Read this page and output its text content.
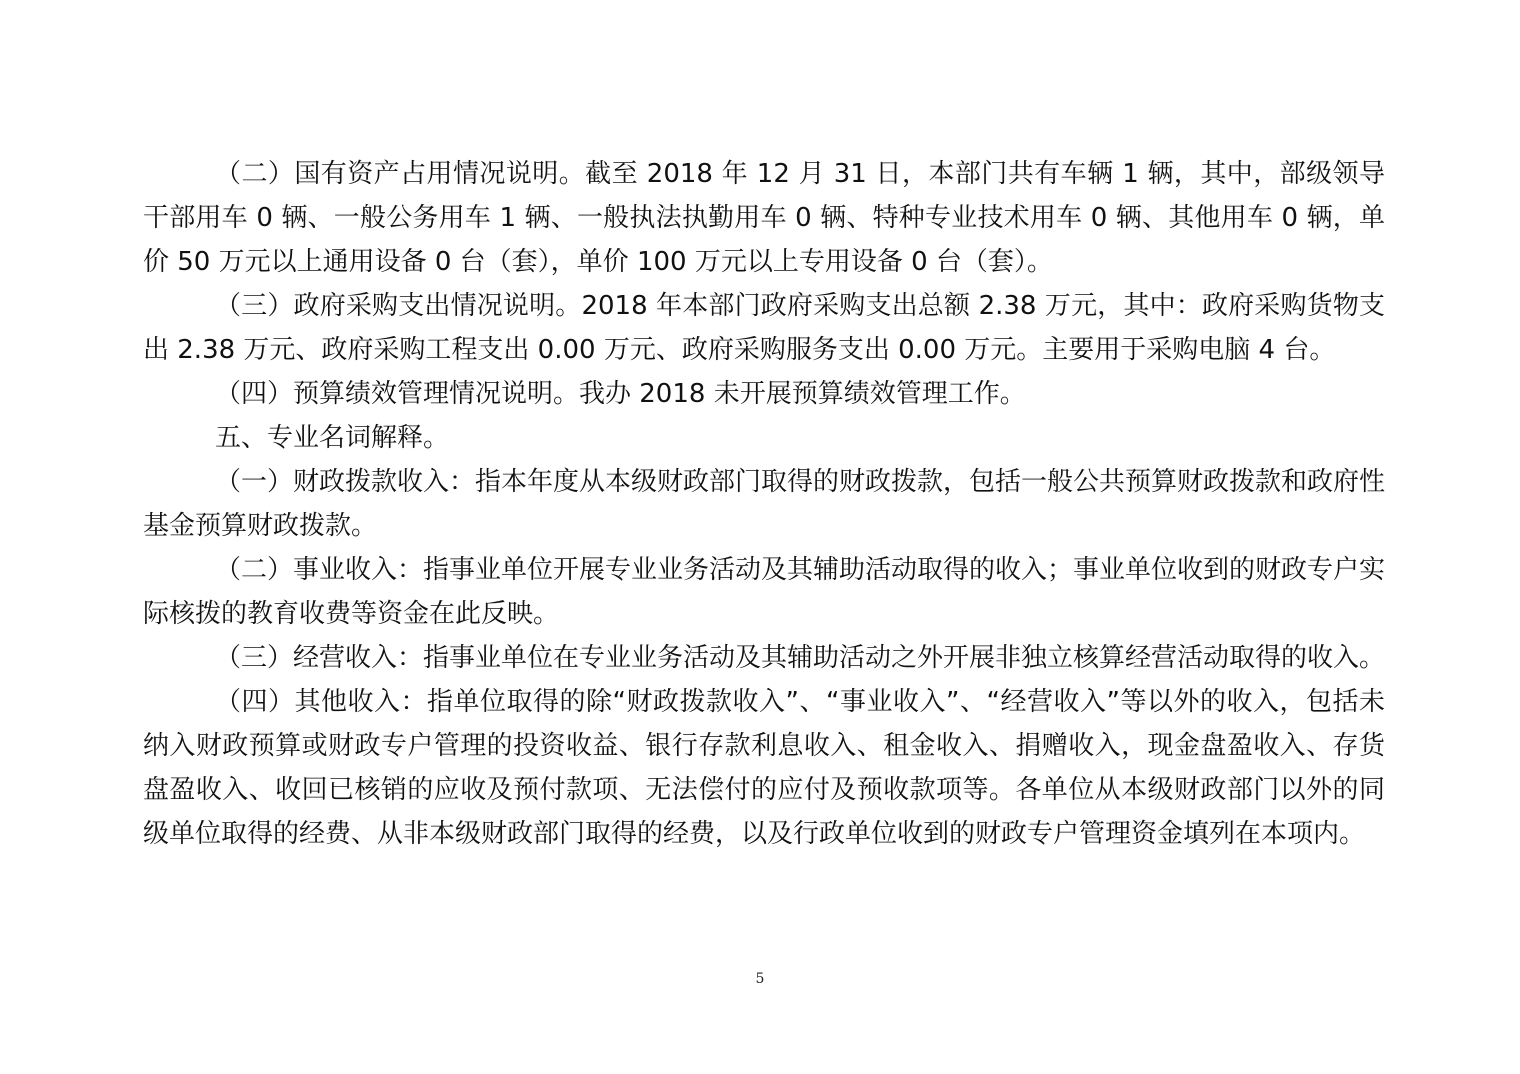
（二）国有资产占用情况说明。截至 2018 年 12 月 31 日，本部门共有车辆 1 辆，其中，部级领导干部用车 0 辆、一般公务用车 1 辆、一般执法执勤用车 0 辆、特种专业技术用车 0 辆、其他用车 0 辆，单价 50 万元以上通用设备 0 台（套），单价 100 万元以上专用设备 0 台（套）。

（三）政府采购支出情况说明。2018 年本部门政府采购支出总额 2.38 万元，其中：政府采购货物支出 2.38 万元、政府采购工程支出 0.00 万元、政府采购服务支出 0.00 万元。主要用于采购电脑 4 台。

（四）预算绩效管理情况说明。我办 2018 未开展预算绩效管理工作。

五、专业名词解释。

（一）财政拨款收入：指本年度从本级财政部门取得的财政拨款，包括一般公共预算财政拨款和政府性基金预算财政拨款。

（二）事业收入：指事业单位开展专业业务活动及其辅助活动取得的收入；事业单位收到的财政专户实际核拨的教育收费等资金在此反映。

（三）经营收入：指事业单位在专业业务活动及其辅助活动之外开展非独立核算经营活动取得的收入。

（四）其他收入：指单位取得的除“财政拨款收入”、“事业收入”、“经营收入”等以外的收入，包括未纳入财政预算或财政专户管理的投资收益、银行存款利息收入、租金收入、捐赠收入，现金盘盈收入、存货盘盈收入、收回已核销的应收及预付款项、无法偿付的应付及预收款项等。各单位从本级财政部门以外的同级单位取得的经费、从非本级财政部门取得的经费，以及行政单位收到的财政专户管理资金填列在本项内。

5
